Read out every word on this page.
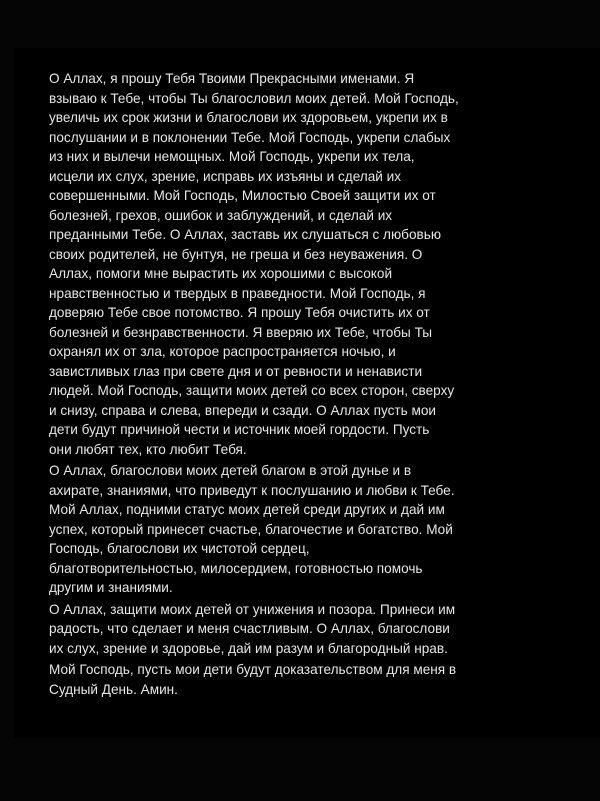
О Аллах, я прошу Тебя Твоими Прекрасными именами. Я
взываю к Тебе, чтобы Ты благословил моих детей. Мой Господь,
увеличь их срок жизни и благослови их здоровьем, укрепи их в
послушании и в поклонении Тебе. Мой Господь, укрепи слабых
из них и вылечи немощных. Мой Господь, укрепи их тела,
исцели их слух, зрение, исправь их изъяны и сделай их
совершенными. Мой Господь, Милостью Своей защити их от
болезней, грехов, ошибок и заблуждений, и сделай их
преданными Тебе. О Аллах, заставь их слушаться с любовью
своих родителей, не бунтуя, не греша и без неуважения. О
Аллах, помоги мне вырастить их хорошими с высокой
нравственностью и твердых в праведности. Мой Господь, я
доверяю Тебе свое потомство. Я прошу Тебя очистить их от
болезней и безнравственности. Я вверяю их Тебе, чтобы Ты
охранял их от зла, которое распространяется ночью, и
завистливых глаз при свете дня и от ревности и ненависти
людей. Мой Господь, защити моих детей со всех сторон, сверху
и снизу, справа и слева, впереди и сзади. О Аллах пусть мои
дети будут причиной чести и источник моей гордости. Пусть
они любят тех, кто любит Тебя.

О Аллах, благослови моих детей благом в этой дунье и в
ахирате, знаниями, что приведут к послушанию и любви к Тебе.
Мой Аллах, подними статус моих детей среди других и дай им
успех, который принесет счастье, благочестие и богатство. Мой
Господь, благослови их чистотой сердец,
благотворительностью, милосердием, готовностью помочь
другим и знаниями.

О Аллах, защити моих детей от унижения и позора. Принеси им
радость, что сделает и меня счастливым. О Аллах, благослови
их слух, зрение и здоровье, дай им разум и благородный нрав.

Мой Господь, пусть мои дети будут доказательством для меня в
Судный День. Амин.
